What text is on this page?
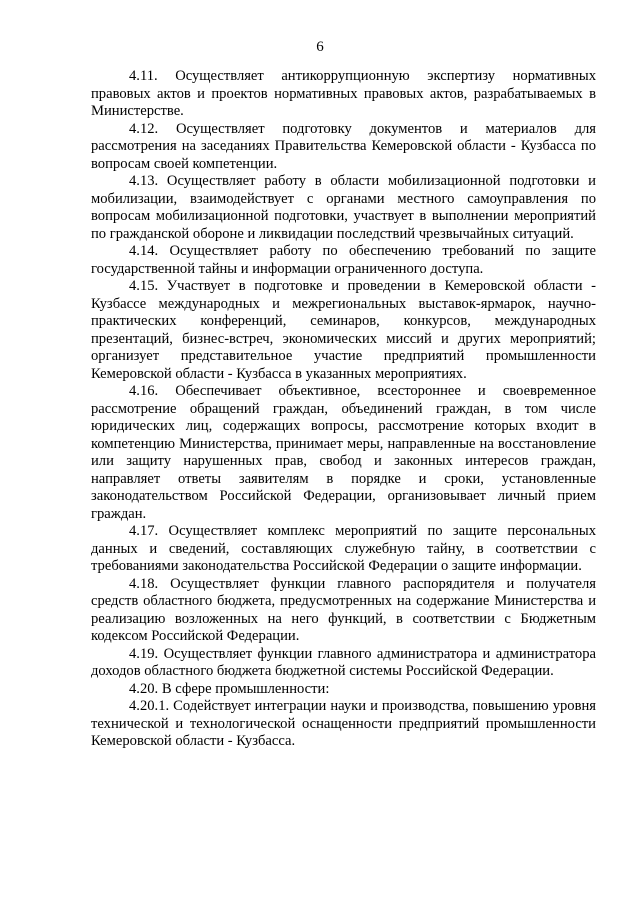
6

4.11. Осуществляет антикоррупционную экспертизу нормативных правовых актов и проектов нормативных правовых актов, разрабатываемых в Министерстве.

4.12. Осуществляет подготовку документов и материалов для рассмотрения на заседаниях Правительства Кемеровской области - Кузбасса по вопросам своей компетенции.

4.13. Осуществляет работу в области мобилизационной подготовки и мобилизации, взаимодействует с органами местного самоуправления по вопросам мобилизационной подготовки, участвует в выполнении мероприятий по гражданской обороне и ликвидации последствий чрезвычайных ситуаций.

4.14. Осуществляет работу по обеспечению требований по защите государственной тайны и информации ограниченного доступа.

4.15. Участвует в подготовке и проведении в Кемеровской области - Кузбассе международных и межрегиональных выставок-ярмарок, научно-практических конференций, семинаров, конкурсов, международных презентаций, бизнес-встреч, экономических миссий и других мероприятий; организует представительное участие предприятий промышленности Кемеровской области - Кузбасса в указанных мероприятиях.

4.16. Обеспечивает объективное, всестороннее и своевременное рассмотрение обращений граждан, объединений граждан, в том числе юридических лиц, содержащих вопросы, рассмотрение которых входит в компетенцию Министерства, принимает меры, направленные на восстановление или защиту нарушенных прав, свобод и законных интересов граждан, направляет ответы заявителям в порядке и сроки, установленные законодательством Российской Федерации, организовывает личный прием граждан.

4.17. Осуществляет комплекс мероприятий по защите персональных данных и сведений, составляющих служебную тайну, в соответствии с требованиями законодательства Российской Федерации о защите информации.

4.18. Осуществляет функции главного распорядителя и получателя средств областного бюджета, предусмотренных на содержание Министерства и реализацию возложенных на него функций, в соответствии с Бюджетным кодексом Российской Федерации.

4.19. Осуществляет функции главного администратора и администратора доходов областного бюджета бюджетной системы Российской Федерации.

4.20. В сфере промышленности:

4.20.1. Содействует интеграции науки и производства, повышению уровня технической и технологической оснащенности предприятий промышленности Кемеровской области - Кузбасса.
